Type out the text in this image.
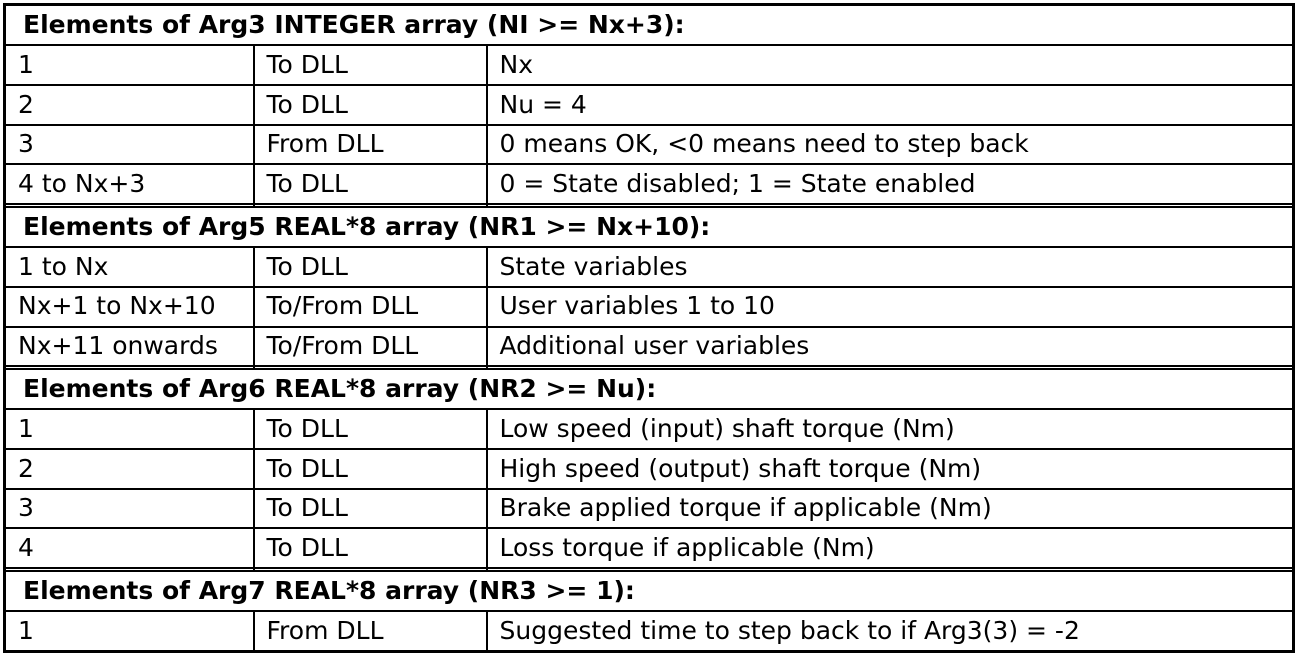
Elements of Arg3 INTEGER array (NI >= Nx+3):		
1	To DLL	Nx
2	To DLL	Nu = 4
3	From DLL	0 means OK, <0 means need to step back
4 to Nx+3	To DLL	0 = State disabled; 1 = State enabled

Elements of Arg5 REAL*8 array (NR1 >= Nx+10):		
1 to Nx	To DLL	State variables
Nx+1 to Nx+10	To/From DLL	User variables 1 to 10
Nx+11 onwards	To/From DLL	Additional user variables

Elements of Arg6 REAL*8 array (NR2 >= Nu):		
1	To DLL	Low speed (input) shaft torque (Nm)
2	To DLL	High speed (output) shaft torque (Nm)
3	To DLL	Brake applied torque if applicable (Nm)
4	To DLL	Loss torque if applicable (Nm)

Elements of Arg7 REAL*8 array (NR3 >= 1):		
1	From DLL	Suggested time to step back to if Arg3(3) = -2
